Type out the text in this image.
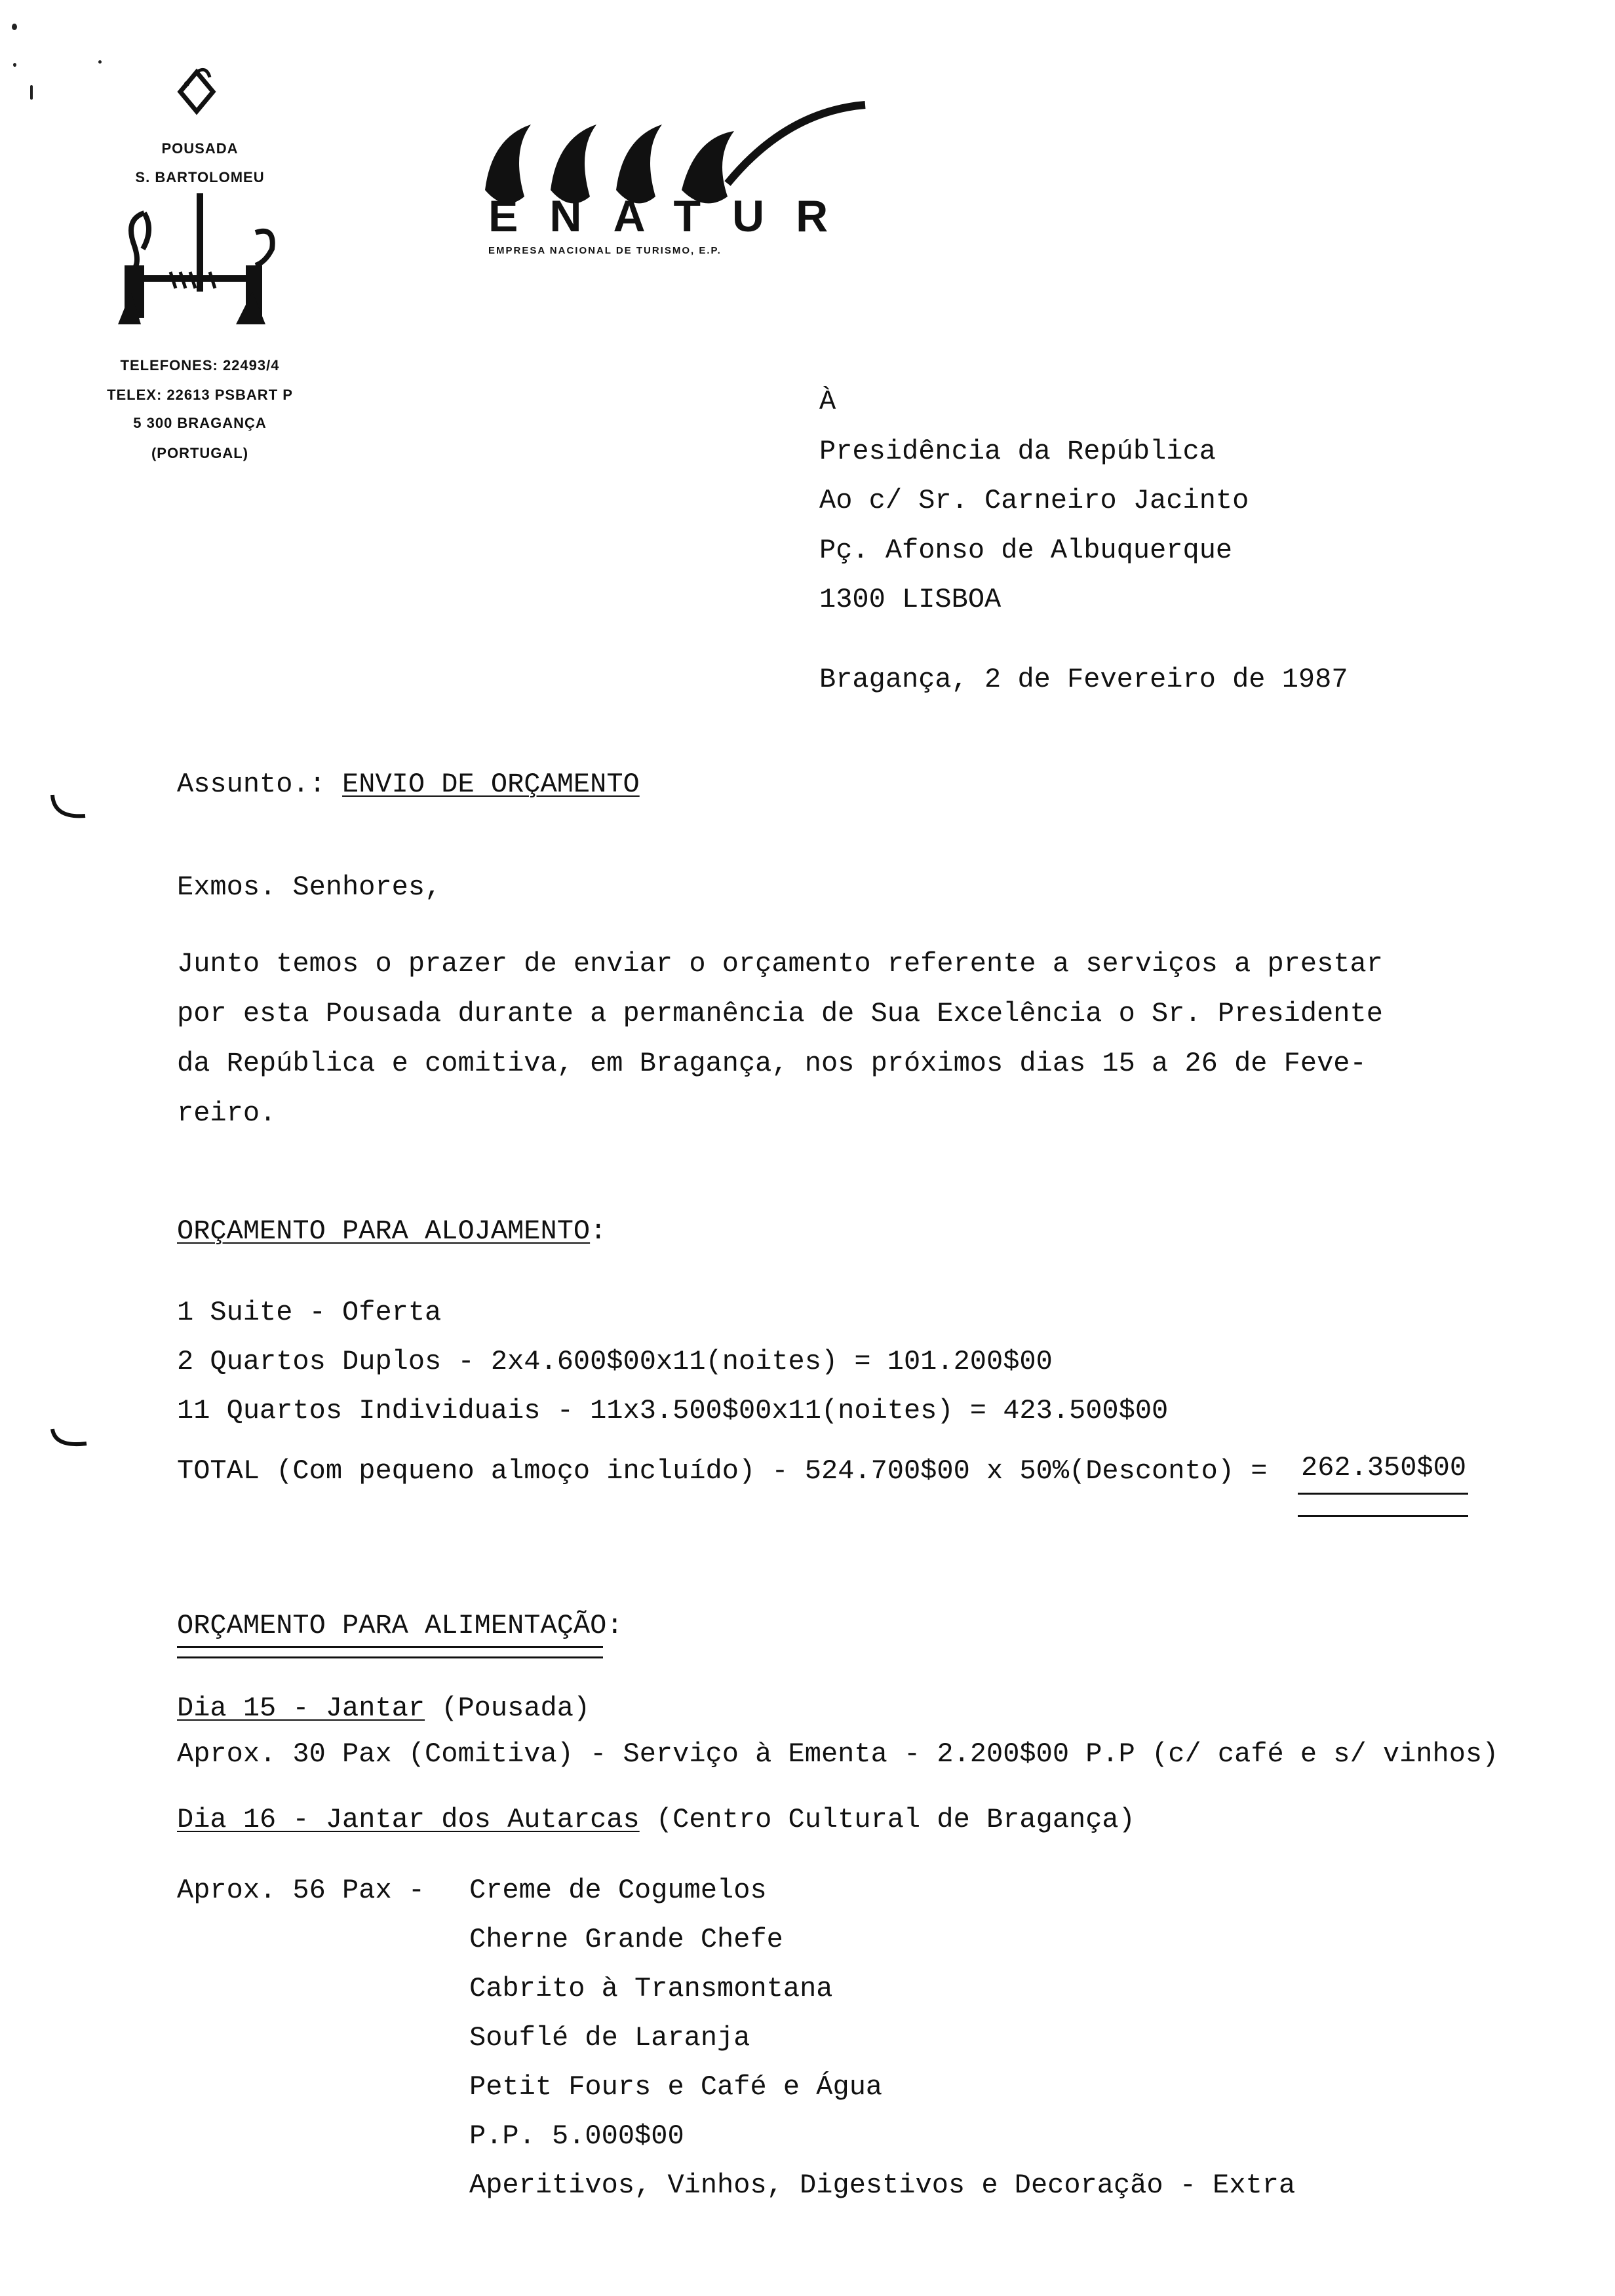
POUSADA
S. BARTOLOMEU
TELEFONES: 22493/4
TELEX: 22613 PSBART P
5 300 BRAGANÇA
(PORTUGAL)
ENATUR
EMPRESA NACIONAL DE TURISMO, E.P.
À
Presidência da República
Ao c/ Sr. Carneiro Jacinto
Pç. Afonso de Albuquerque
1300 LISBOA
Bragança, 2 de Fevereiro de 1987
Assunto.: ENVIO DE ORÇAMENTO
Exmos. Senhores,
Junto temos o prazer de enviar o orçamento referente a serviços a prestar
por esta Pousada durante a permanência de Sua Excelência o Sr. Presidente
da República e comitiva, em Bragança, nos próximos dias 15 a 26 de Feve-
reiro.
ORÇAMENTO PARA ALOJAMENTO:
1 Suite - Oferta
2 Quartos Duplos - 2x4.600$00x11(noites) = 101.200$00
11 Quartos Individuais - 11x3.500$00x11(noites) = 423.500$00
TOTAL (Com pequeno almoço incluído) - 524.700$00 x 50%(Desconto) = 262.350$00
ORÇAMENTO PARA ALIMENTAÇÃO:
Dia 15 - Jantar (Pousada)
Aprox. 30 Pax (Comitiva) - Serviço à Ementa - 2.200$00 P.P (c/ café e s/ vinhos)
Dia 16 - Jantar dos Autarcas (Centro Cultural de Bragança)
Aprox. 56 Pax - Creme de Cogumelos
Cherne Grande Chefe
Cabrito à Transmontana
Souflé de Laranja
Petit Fours e Café e Água
P.P. 5.000$00
Aperitivos, Vinhos, Digestivos e Decoração - Extra
